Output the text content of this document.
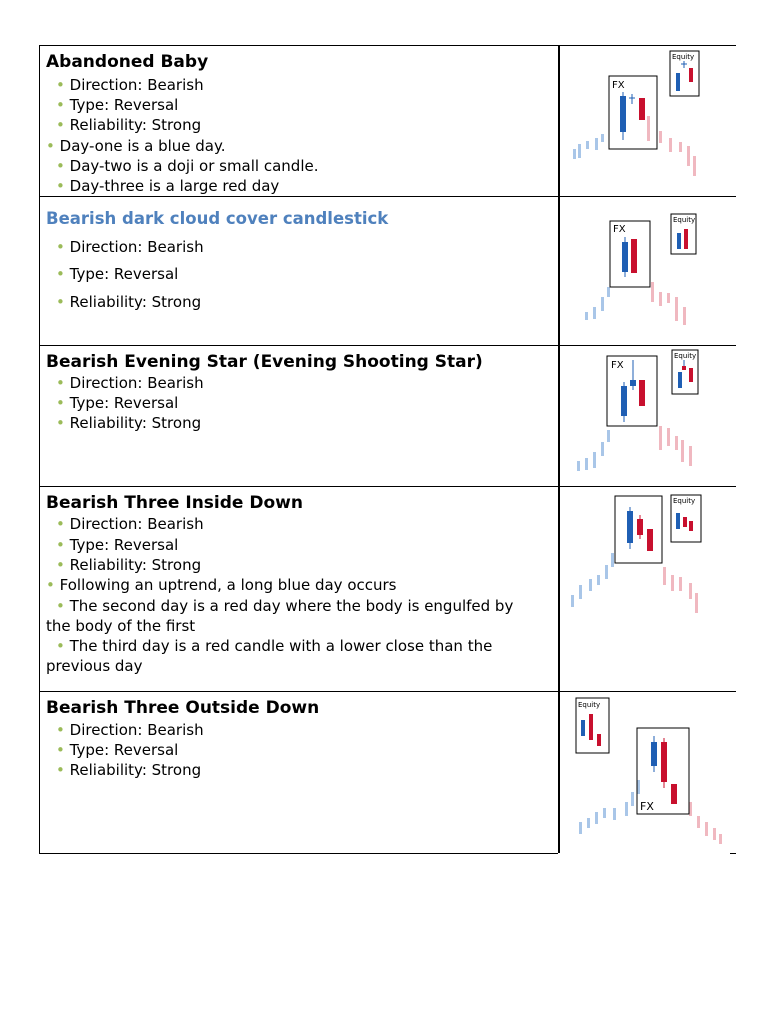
Abandoned Baby
• Direction: Bearish
• Type: Reversal
• Reliability: Strong
• Day-one is a blue day.
• Day-two is a doji or small candle.
• Day-three is a large red day
FX
Equity
Bearish dark cloud cover candlestick
• Direction: Bearish
• Type: Reversal
• Reliability: Strong
FX
Equity
Bearish Evening Star (Evening Shooting Star)
• Direction: Bearish
• Type: Reversal
• Reliability: Strong
FX
Equity
Bearish Three Inside Down
• Direction: Bearish
• Type: Reversal
• Reliability: Strong
• Following an uptrend, a long blue day occurs
• The second day is a red day where the body is engulfed by
the body of the first
• The third day is a red candle with a lower close than the
previous day
Equity
Bearish Three Outside Down
• Direction: Bearish
• Type: Reversal
• Reliability: Strong
Equity
FX
